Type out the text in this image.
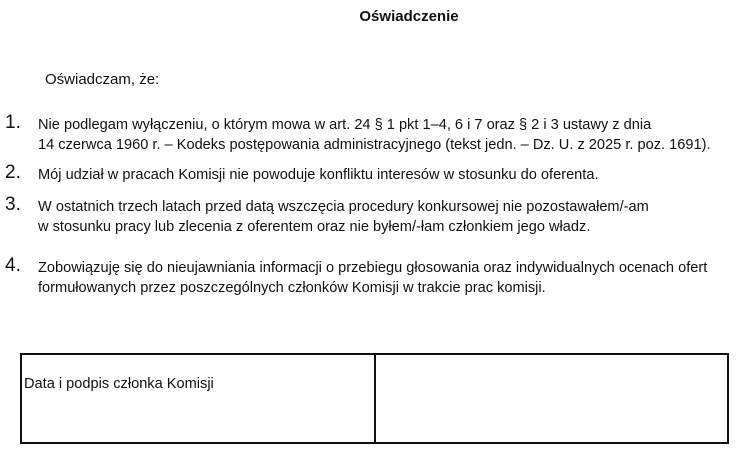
Oświadczenie
Oświadczam, że:
1. Nie podlegam wyłączeniu, o którym mowa w art. 24 § 1 pkt 1–4, 6 i 7 oraz § 2 i 3 ustawy z dnia
14 czerwca 1960 r. – Kodeks postępowania administracyjnego (tekst jedn. – Dz. U. z 2025 r. poz. 1691).
2. Mój udział w pracach Komisji nie powoduje konfliktu interesów w stosunku do oferenta.
3. W ostatnich trzech latach przed datą wszczęcia procedury konkursowej nie pozostawałem/-am
w stosunku pracy lub zlecenia z oferentem oraz nie byłem/-łam członkiem jego władz.
4. Zobowiązuję się do nieujawniania informacji o przebiegu głosowania oraz indywidualnych ocenach ofert
formułowanych przez poszczególnych członków Komisji w trakcie prac komisji.
Data i podpis członka Komisji
